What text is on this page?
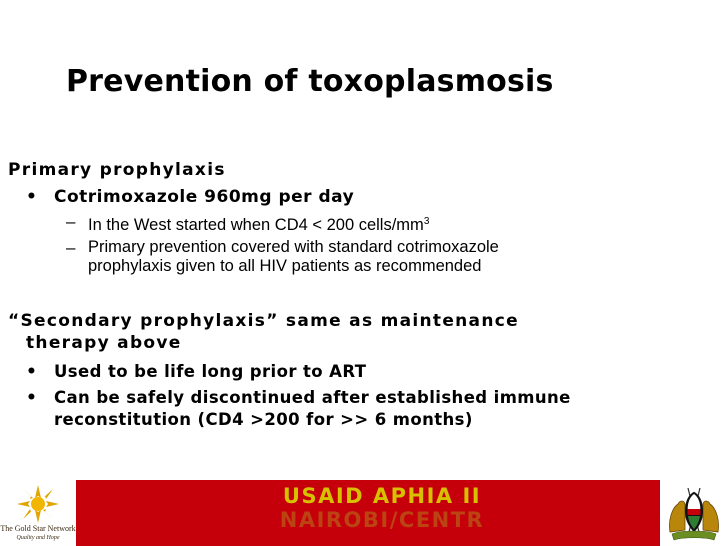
Prevention of toxoplasmosis
Primary prophylaxis
• Cotrimoxazole 960mg per day
– In the West started when CD4 < 200 cells/$mm^3$
– Primary prevention covered with standard cotrimoxazole
prophylaxis given to all HIV patients as recommended
“Secondary prophylaxis” same as maintenance
therapy above
• Used to be life long prior to ART
• Can be safely discontinued after established immune
reconstitution (CD4 >200 for >> 6 months)
The Gold Star Network
Quality and Hope
USAID APHIA II
NAIROBI/CENTR
